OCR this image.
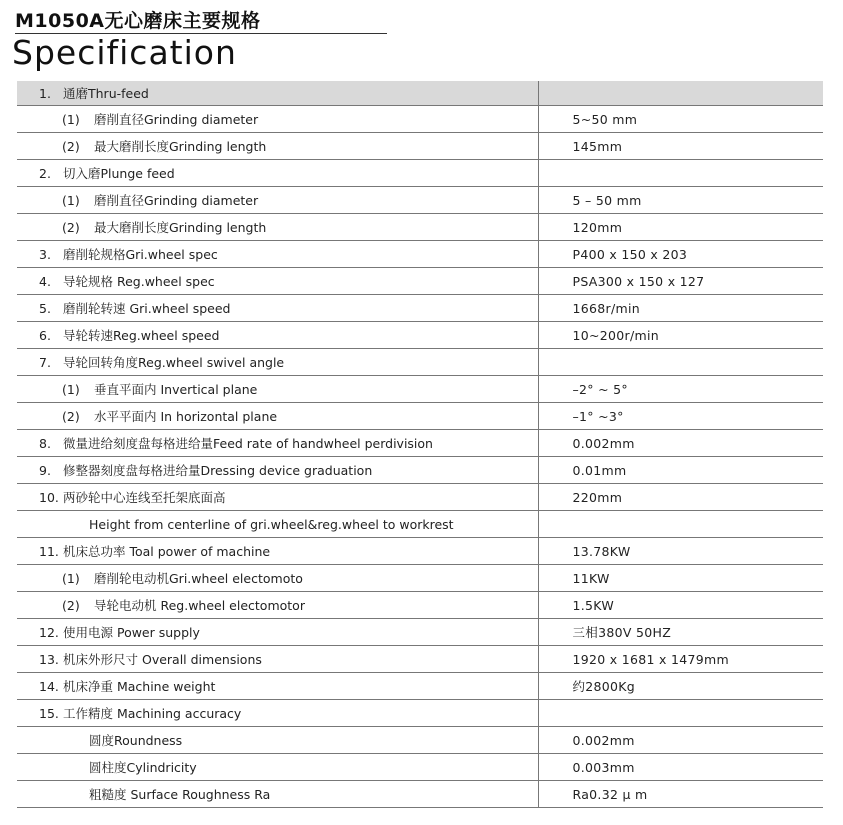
M1050A无心磨床主要规格
Specification
1. 通磨Thru-feed	
(1) 磨削直径Grinding diameter	5~50 mm
(2) 最大磨削长度Grinding length	145mm
2. 切入磨Plunge feed	
(1) 磨削直径Grinding diameter	5 – 50 mm
(2) 最大磨削长度Grinding length	120mm
3. 磨削轮规格Gri.wheel spec	P400 x 150 x 203
4. 导轮规格 Reg.wheel spec	PSA300 x 150 x 127
5. 磨削轮转速 Gri.wheel speed	1668r/min
6. 导轮转速Reg.wheel speed	10~200r/min
7. 导轮回转角度Reg.wheel swivel angle	
(1) 垂直平面内 Invertical plane	–2° ~ 5°
(2) 水平平面内 In horizontal plane	–1° ~3°
8. 微量进给刻度盘每格进给量Feed rate of handwheel perdivision	0.002mm
9. 修整器刻度盘每格进给量Dressing device graduation	0.01mm
10. 两砂轮中心连线至托架底面高	220mm
Height from centerline of gri.wheel&reg.wheel to workrest	
11. 机床总功率 Toal power of machine	13.78KW
(1) 磨削轮电动机Gri.wheel electomoto	11KW
(2) 导轮电动机 Reg.wheel electomotor	1.5KW
12. 使用电源 Power supply	三相380V 50HZ
13. 机床外形尺寸 Overall dimensions	1920 x 1681 x 1479mm
14. 机床净重 Machine weight	约2800Kg
15. 工作精度 Machining accuracy	
圆度Roundness	0.002mm
圆柱度Cylindricity	0.003mm
粗糙度 Surface Roughness Ra	Ra0.32 μ m
